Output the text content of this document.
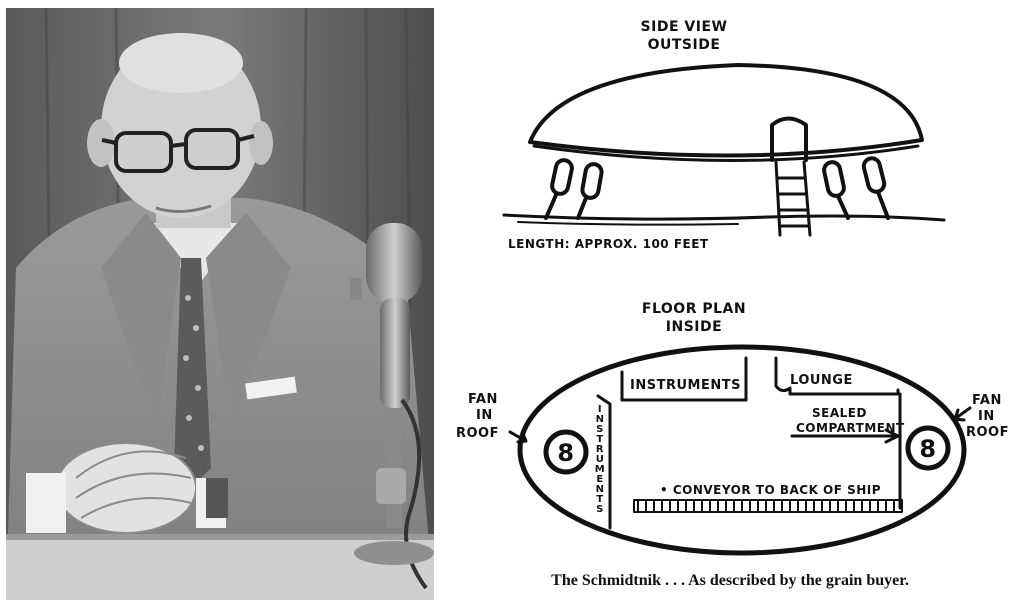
SIDE VIEW
OUTSIDE
LENGTH: APPROX. 100 FEET
FLOOR PLAN
INSIDE
8	8
INSTRUMENTS	LOUNGE
SEALED
COMPARTMENT
• CONVEYOR TO BACK OF SHIP
I
N
S
T
R
U
M
E
N
T
S
FAN
IN
ROOF
FAN
IN
ROOF
The Schmidtnik . . . As described by the grain buyer.
